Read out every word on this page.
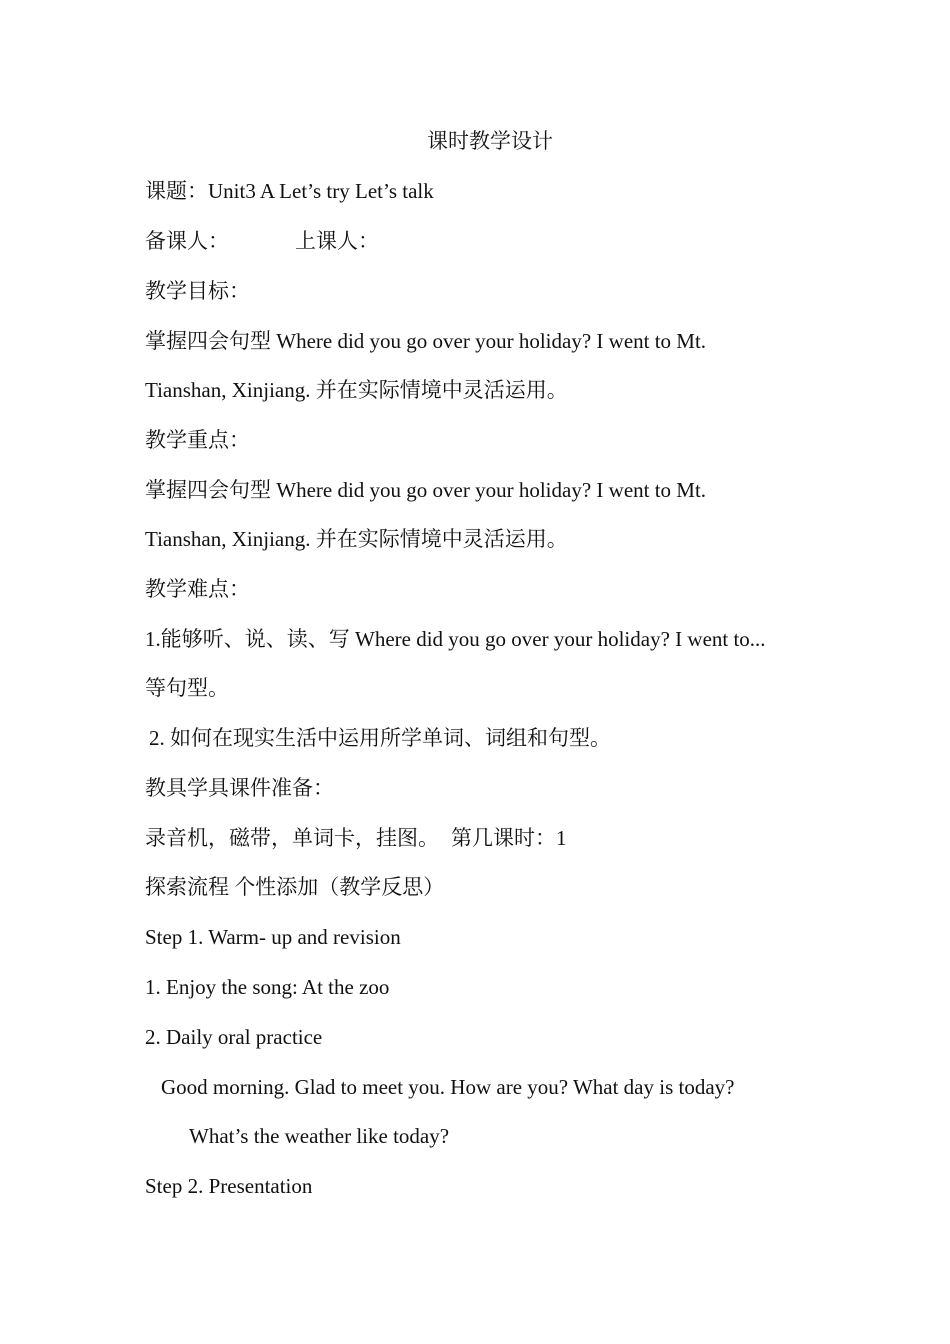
课时教学设计
课题：Unit3 A Let’s try Let’s talk
备课人：	上课人：
教学目标：
掌握四会句型 Where did you go over your holiday? I went to Mt.
Tianshan, Xinjiang. 并在实际情境中灵活运用。
教学重点：
掌握四会句型 Where did you go over your holiday? I went to Mt.
Tianshan, Xinjiang. 并在实际情境中灵活运用。
教学难点：
1.能够听、说、读、写 Where did you go over your holiday? I went to...
等句型。
2. 如何在现实生活中运用所学单词、词组和句型。
教具学具课件准备：
录音机，磁带，单词卡，挂图。 第几课时：1
探索流程 个性添加（教学反思）
Step 1. Warm- up and revision
1. Enjoy the song: At the zoo
2. Daily oral practice
Good morning. Glad to meet you. How are you? What day is today?
What’s the weather like today?
Step 2. Presentation
